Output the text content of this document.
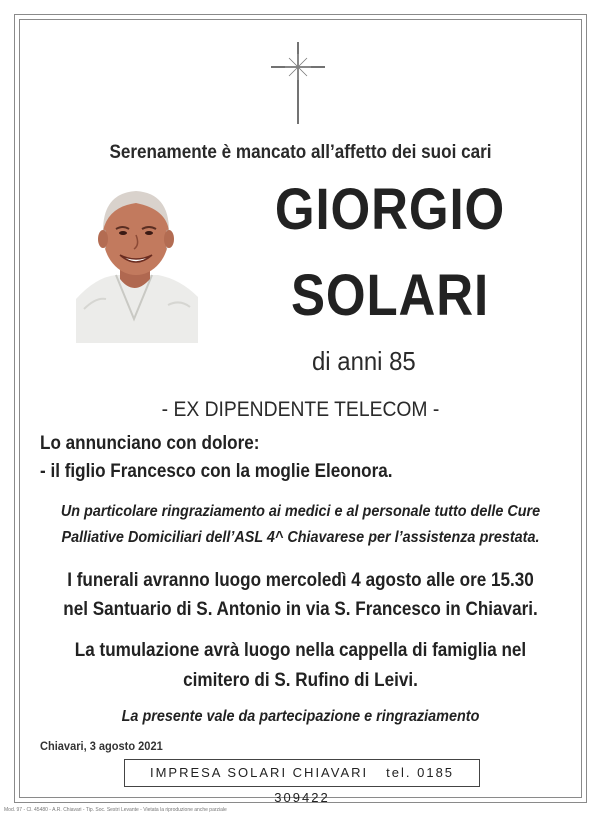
Serenamente è mancato all’affetto dei suoi cari
GIORGIO
SOLARI
di anni 85
- EX DIPENDENTE TELECOM -
Lo annunciano con dolore:
- il figlio Francesco con la moglie Eleonora.
Un particolare ringraziamento ai medici e al personale tutto delle Cure
Palliative Domiciliari dell’ASL 4^ Chiavarese per l’assistenza prestata.
I funerali avranno luogo mercoledì 4 agosto alle ore 15.30
nel Santuario di S. Antonio in via S. Francesco in Chiavari.
La tumulazione avrà luogo nella cappella di famiglia nel
cimitero di S. Rufino di Leivi.
La presente vale da partecipazione e ringraziamento
Chiavari, 3 agosto 2021
IMPRESA SOLARI CHIAVARI tel. 0185 309422
Mod. 97 - Cl. 45480 - A.R. Chiavari - Tip. Soc. Sestri Levante - Vietata la riproduzione anche parziale
